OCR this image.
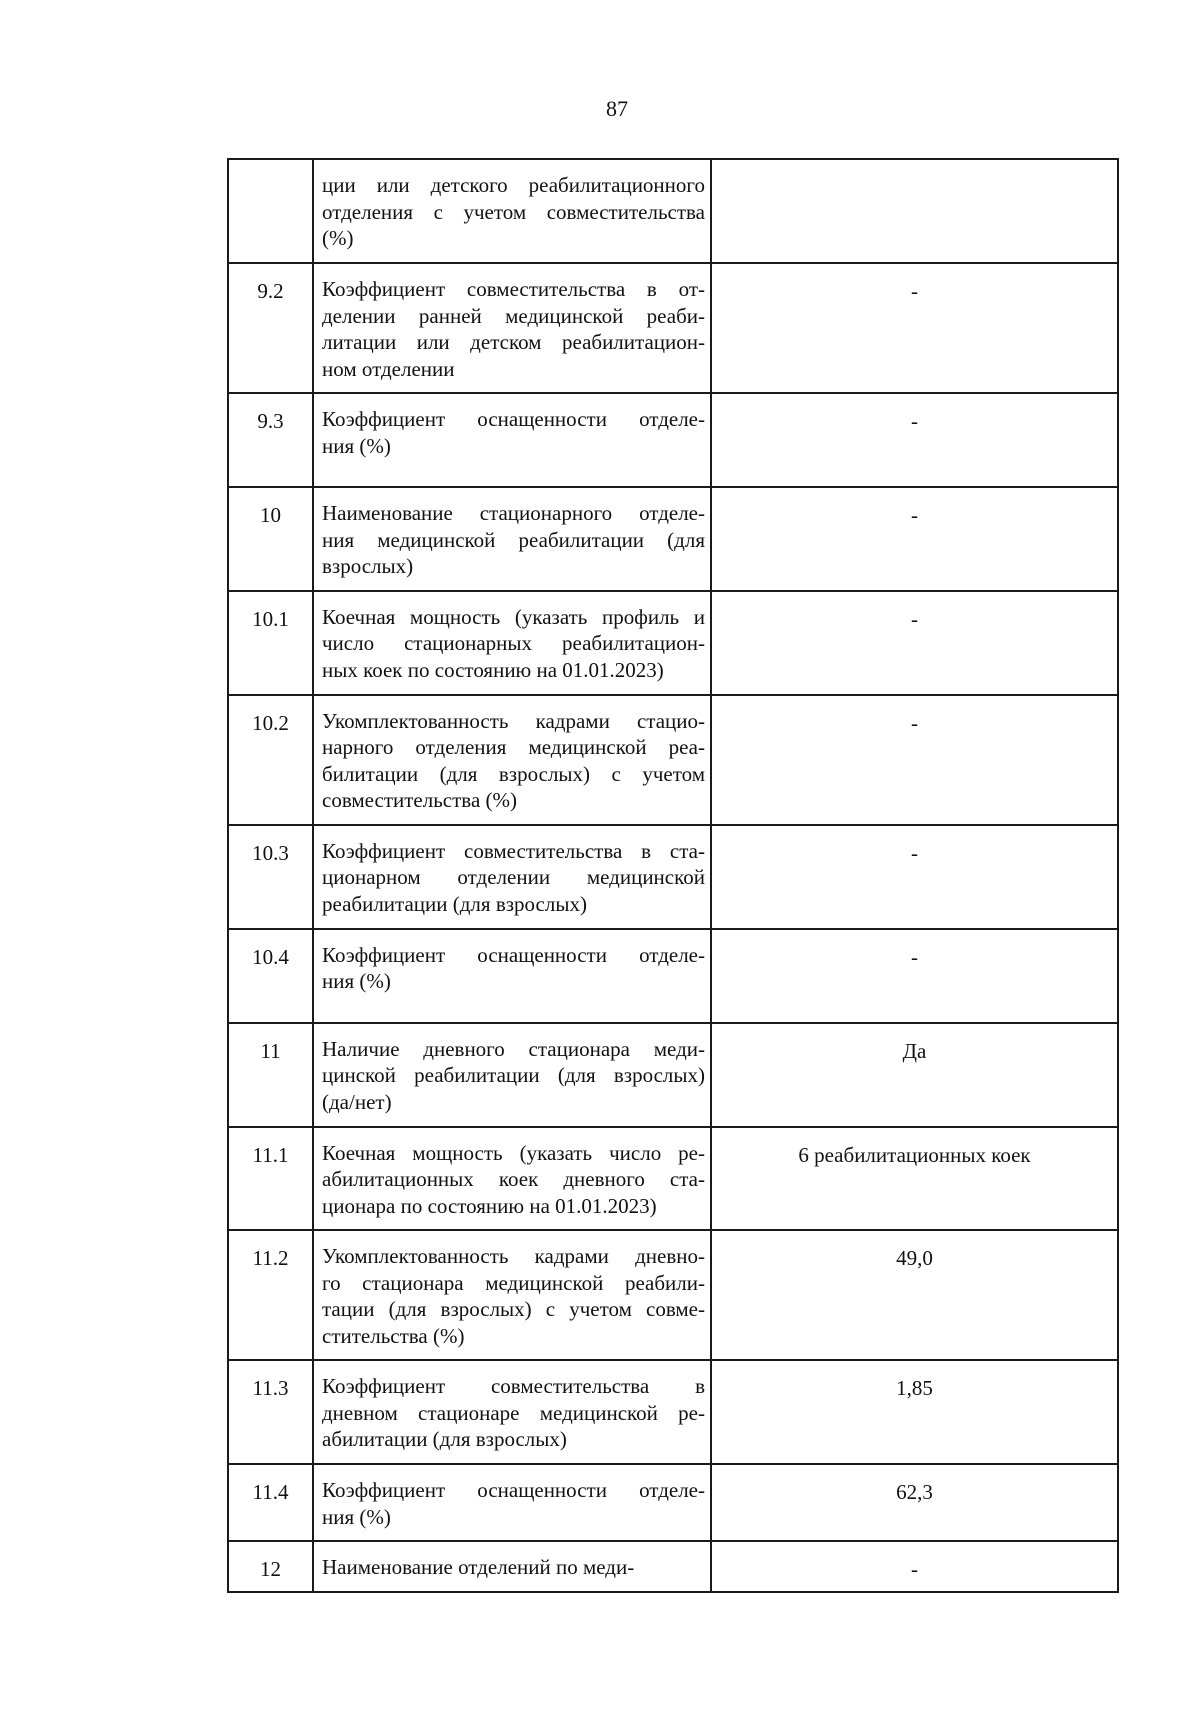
87

	ции или детского реабилитационного
отделения с учетом совместительства
(%)	

9.2	Коэффициент совместительства в от-
делении ранней медицинской реаби-
литации или детском реабилитацион-
ном отделении	-
9.3	Коэффициент оснащенности отделе-
ния (%)	-
10	Наименование стационарного отделе-
ния медицинской реабилитации (для
взрослых)	-
10.1	Коечная мощность (указать профиль и
число стационарных реабилитацион-
ных коек по состоянию на 01.01.2023)	-
10.2	Укомплектованность кадрами стацио-
нарного отделения медицинской реа-
билитации (для взрослых) с учетом
совместительства (%)	-
10.3	Коэффициент совместительства в ста-
ционарном отделении медицинской
реабилитации (для взрослых)	-
10.4	Коэффициент оснащенности отделе-
ния (%)	-
11	Наличие дневного стационара меди-
цинской реабилитации (для взрослых)
(да/нет)	Да
11.1	Коечная мощность (указать число ре-
абилитационных коек дневного ста-
ционара по состоянию на 01.01.2023)	6 реабилитационных коек
11.2	Укомплектованность кадрами дневно-
го стационара медицинской реабили-
тации (для взрослых) с учетом совме-
стительства (%)	49,0
11.3	Коэффициент совместительства в
дневном стационаре медицинской ре-
абилитации (для взрослых)	1,85
11.4	Коэффициент оснащенности отделе-
ния (%)	62,3
12	Наименование отделений по меди-	-
